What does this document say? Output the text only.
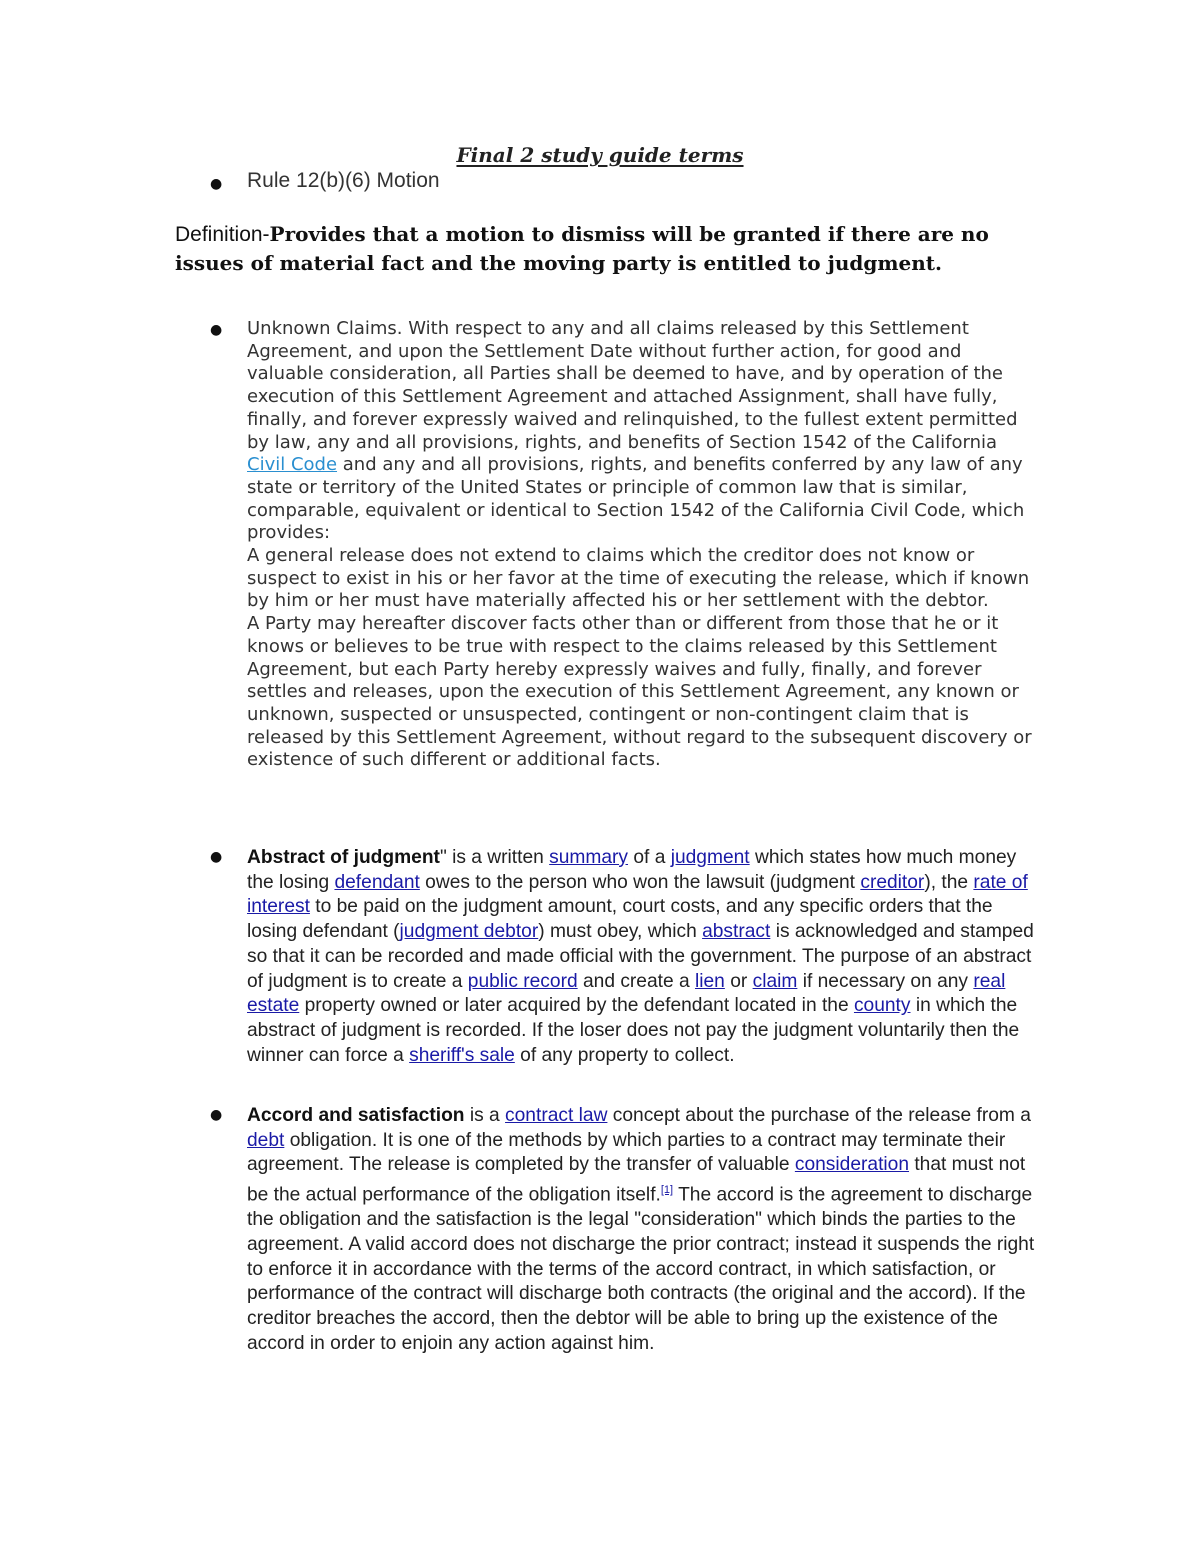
Final 2 study guide terms
● Rule 12(b)(6) Motion

Definition-Provides that a motion to dismiss will be granted if there are no issues of material fact and the moving party is entitled to judgment.

● Unknown Claims. With respect to any and all claims released by this Settlement Agreement, and upon the Settlement Date without further action, for good and valuable consideration, all Parties shall be deemed to have, and by operation of the execution of this Settlement Agreement and attached Assignment, shall have fully, finally, and forever expressly waived and relinquished, to the fullest extent permitted by law, any and all provisions, rights, and benefits of Section 1542 of the California Civil Code and any and all provisions, rights, and benefits conferred by any law of any state or territory of the United States or principle of common law that is similar, comparable, equivalent or identical to Section 1542 of the California Civil Code, which provides:

A general release does not extend to claims which the creditor does not know or suspect to exist in his or her favor at the time of executing the release, which if known by him or her must have materially affected his or her settlement with the debtor.

A Party may hereafter discover facts other than or different from those that he or it knows or believes to be true with respect to the claims released by this Settlement Agreement, but each Party hereby expressly waives and fully, finally, and forever settles and releases, upon the execution of this Settlement Agreement, any known or unknown, suspected or unsuspected, contingent or non-contingent claim that is released by this Settlement Agreement, without regard to the subsequent discovery or existence of such different or additional facts.

● Abstract of judgment" is a written summary of a judgment which states how much money the losing defendant owes to the person who won the lawsuit (judgment creditor), the rate of interest to be paid on the judgment amount, court costs, and any specific orders that the losing defendant (judgment debtor) must obey, which abstract is acknowledged and stamped so that it can be recorded and made official with the government. The purpose of an abstract of judgment is to create a public record and create a lien or claim if necessary on any real estate property owned or later acquired by the defendant located in the county in which the abstract of judgment is recorded. If the loser does not pay the judgment voluntarily then the winner can force a sheriff's sale of any property to collect.

● Accord and satisfaction is a contract law concept about the purchase of the release from a debt obligation. It is one of the methods by which parties to a contract may terminate their agreement. The release is completed by the transfer of valuable consideration that must not be the actual performance of the obligation itself.[1] The accord is the agreement to discharge the obligation and the satisfaction is the legal "consideration" which binds the parties to the agreement. A valid accord does not discharge the prior contract; instead it suspends the right to enforce it in accordance with the terms of the accord contract, in which satisfaction, or performance of the contract will discharge both contracts (the original and the accord). If the creditor breaches the accord, then the debtor will be able to bring up the existence of the accord in order to enjoin any action against him.
